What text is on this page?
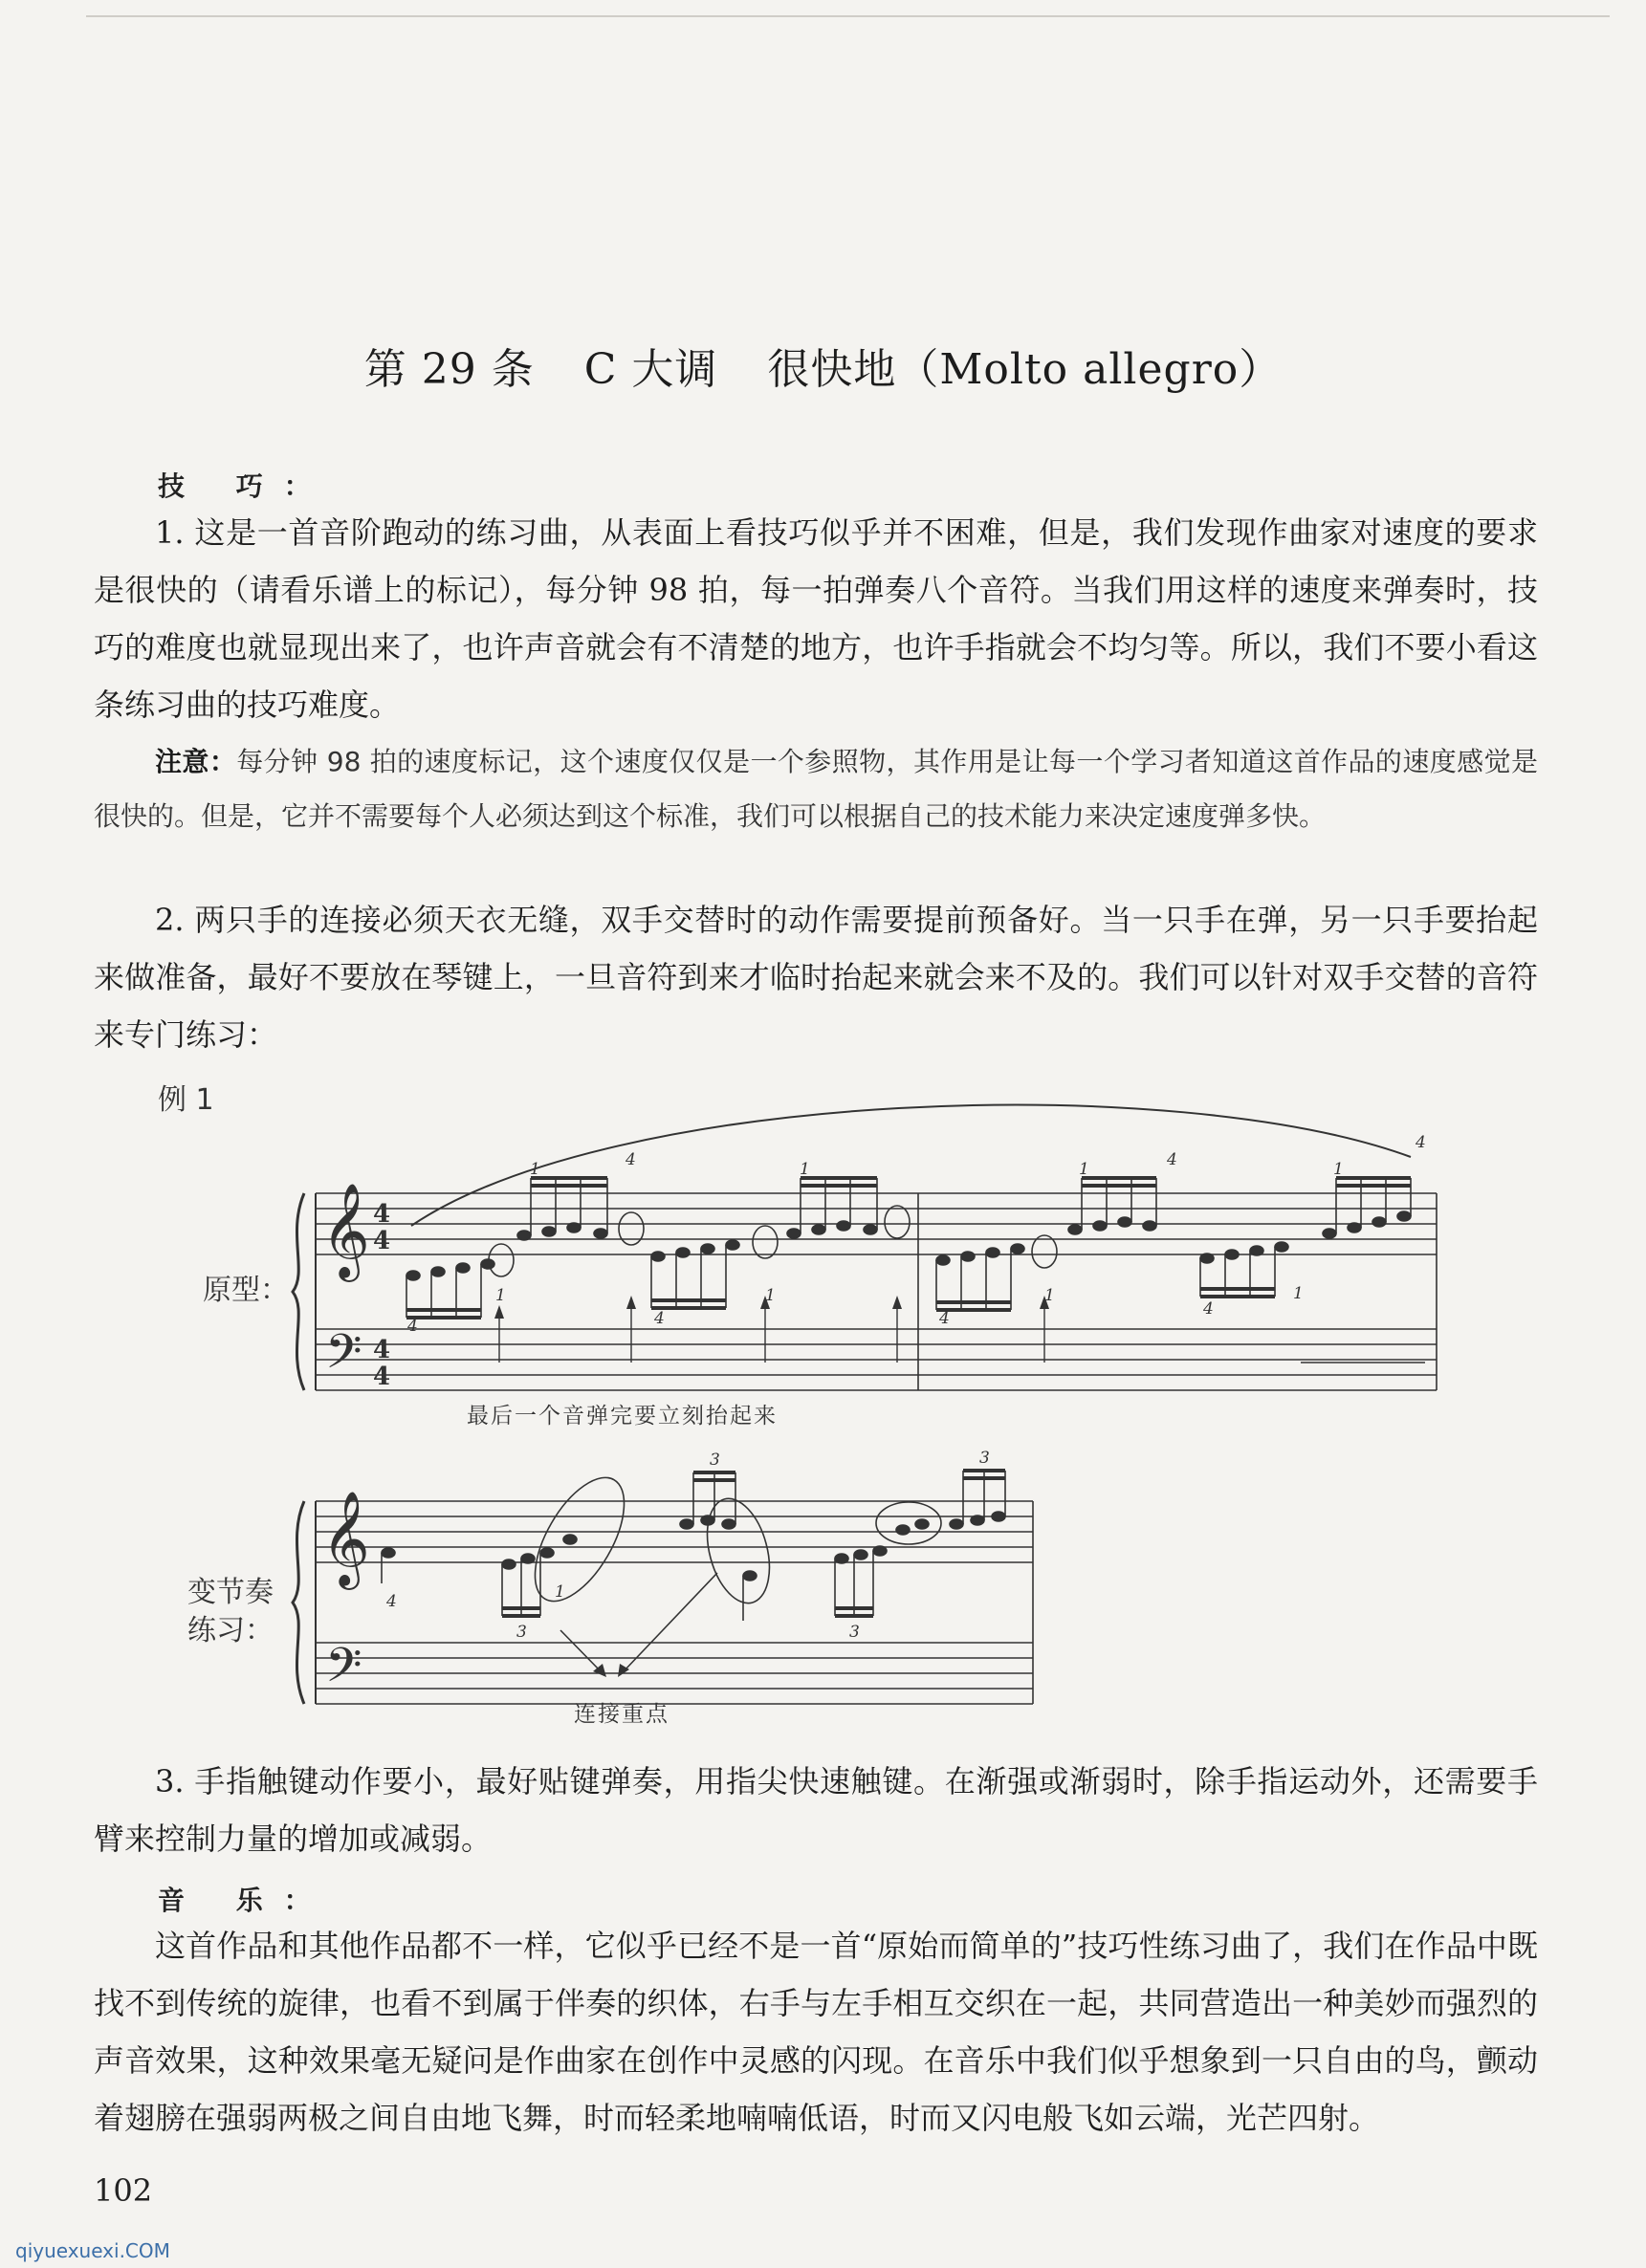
第 29 条 C 大调 很快地（Molto allegro）
技 巧：
1. 这是一首音阶跑动的练习曲，从表面上看技巧似乎并不困难，但是，我们发现作曲家对速度的要求是很快的（请看乐谱上的标记），每分钟 98 拍，每一拍弹奏八个音符。当我们用这样的速度来弹奏时，技巧的难度也就显现出来了，也许声音就会有不清楚的地方，也许手指就会不均匀等。所以，我们不要小看这条练习曲的技巧难度。
注意：每分钟 98 拍的速度标记，这个速度仅仅是一个参照物，其作用是让每一个学习者知道这首作品的速度感觉是很快的。但是，它并不需要每个人必须达到这个标准，我们可以根据自己的技术能力来决定速度弹多快。
2. 两只手的连接必须天衣无缝，双手交替时的动作需要提前预备好。当一只手在弹，另一只手要抬起来做准备，最好不要放在琴键上，一旦音符到来才临时抬起来就会来不及的。我们可以针对双手交替的音符来专门练习：
例 1
𝄞
𝄢
4
4
4
4
𝄞
𝄢
4
1
1	4
4
1
1
4
1
1	4
4
1
1
4
4	1
3
3
3
3
原型：
最后一个音弹完要立刻抬起来
变节奏练习：
连接重点
3. 手指触键动作要小，最好贴键弹奏，用指尖快速触键。在渐强或渐弱时，除手指运动外，还需要手臂来控制力量的增加或减弱。
音 乐：
这首作品和其他作品都不一样，它似乎已经不是一首“原始而简单的”技巧性练习曲了，我们在作品中既找不到传统的旋律，也看不到属于伴奏的织体，右手与左手相互交织在一起，共同营造出一种美妙而强烈的声音效果，这种效果毫无疑问是作曲家在创作中灵感的闪现。在音乐中我们似乎想象到一只自由的鸟，颤动着翅膀在强弱两极之间自由地飞舞，时而轻柔地喃喃低语，时而又闪电般飞如云端，光芒四射。
102
qiyuexuexi.COM
